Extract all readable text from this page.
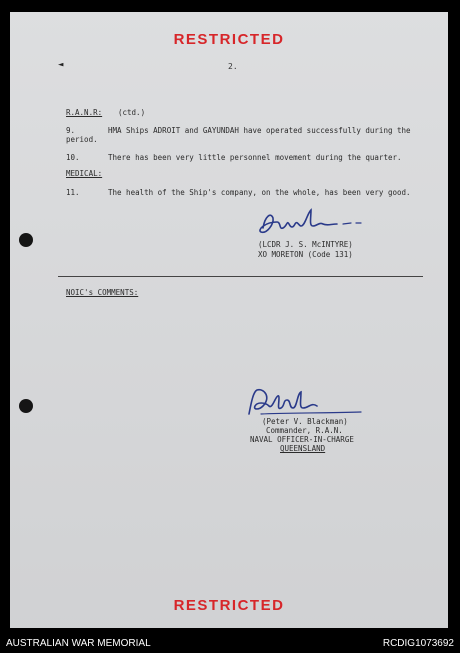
RESTRICTED
◄	2.
R.A.N.R: (ctd.)
9.	HMA Ships ADROIT and GAYUNDAH have operated successfully during the
period.
10.	There has been very little personnel movement during the quarter.
MEDICAL:
11.	The health of the Ship's company, on the whole, has been very good.
(LCDR J. S. McINTYRE)
XO MORETON (Code 131)
NOIC's COMMENTS:
(Peter V. Blackman)
Commander, R.A.N.
NAVAL OFFICER-IN-CHARGE
QUEENSLAND
RESTRICTED
AUSTRALIAN WAR MEMORIAL	RCDIG1073692
